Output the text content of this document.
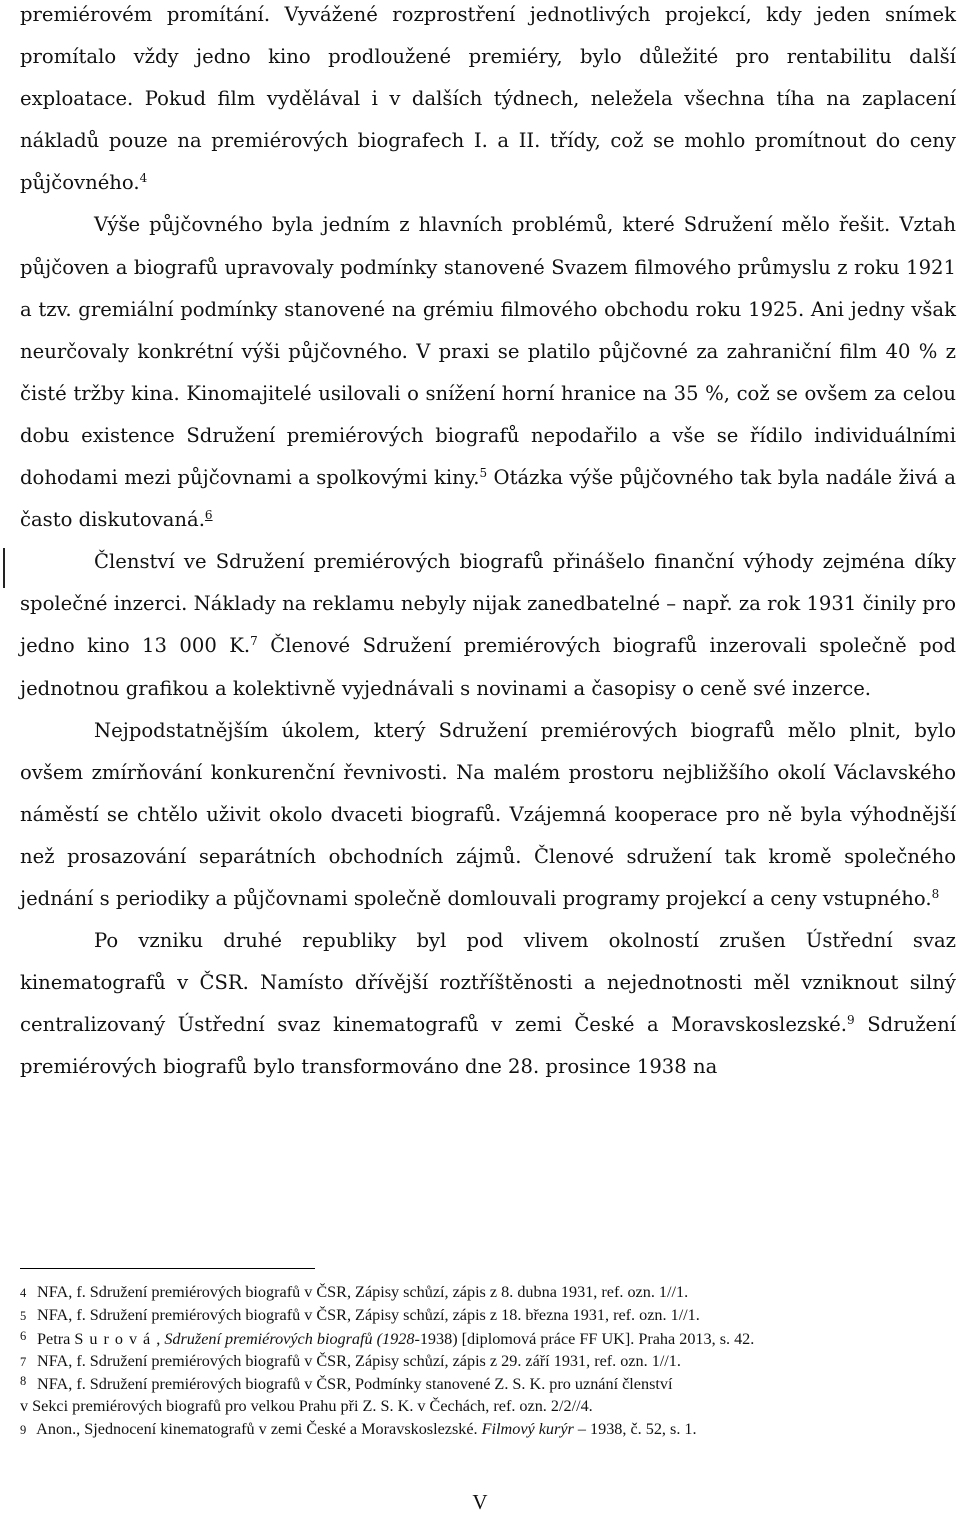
premiérovém promítání. Vyvážené rozprostření jednotlivých projekcí, kdy jeden snímek promítalo vždy jedno kino prodloužené premiéry, bylo důležité pro rentabilitu další exploatace. Pokud film vydělával i v dalších týdnech, neležela všechna tíha na zaplacení nákladů pouze na premiérových biografech I. a II. třídy, což se mohlo promítnout do ceny půjčovného.$^4$

Výše půjčovného byla jedním z hlavních problémů, které Sdružení mělo řešit. Vztah půjčoven a biografů upravovaly podmínky stanovené Svazem filmového průmyslu z roku 1921 a tzv. gremiální podmínky stanovené na grémiu filmového obchodu roku 1925. Ani jedny však neurčovaly konkrétní výši půjčovného. V praxi se platilo půjčovné za zahraniční film 40 % z čisté tržby kina. Kinomajitelé usilovali o snížení horní hranice na 35 %, což se ovšem za celou dobu existence Sdružení premiérových biografů nepodařilo a vše se řídilo individuálními dohodami mezi půjčovnami a spolkovými kiny.$^5$ Otázka výše půjčovného tak byla nadále živá a často diskutovaná.$^6$

Členství ve Sdružení premiérových biografů přinášelo finanční výhody zejména díky společné inzerci. Náklady na reklamu nebyly nijak zanedbatelné – např. za rok 1931 činily pro jedno kino 13 000 K.$^7$ Členové Sdružení premiérových biografů inzerovali společně pod jednotnou grafikou a kolektivně vyjednávali s novinami a časopisy o ceně své inzerce.

Nejpodstatnějším úkolem, který Sdružení premiérových biografů mělo plnit, bylo ovšem zmírňování konkurenční řevnivosti. Na malém prostoru nejbližšího okolí Václavského náměstí se chtělo uživit okolo dvaceti biografů. Vzájemná kooperace pro ně byla výhodnější než prosazování separátních obchodních zájmů. Členové sdružení tak kromě společného jednání s periodiky a půjčovnami společně domlouvali programy projekcí a ceny vstupného.$^8$

Po vzniku druhé republiky byl pod vlivem okolností zrušen Ústřední svaz kinematografů v ČSR. Namísto dřívější roztříštěnosti a nejednotnosti měl vzniknout silný centralizovaný Ústřední svaz kinematografů v zemi České a Moravskoslezské.$^9$ Sdružení premiérových biografů bylo transformováno dne 28. prosince 1938 na

4 NFA, f. Sdružení premiérových biografů v ČSR, Zápisy schůzí, zápis z 8. dubna 1931, ref. ozn. 1//1.
5 NFA, f. Sdružení premiérových biografů v ČSR, Zápisy schůzí, zápis z 18. března 1931, ref. ozn. 1//1.
6 Petra Surová, Sdružení premiérových biografů (1928-1938) [diplomová práce FF UK]. Praha 2013, s. 42.
7 NFA, f. Sdružení premiérových biografů v ČSR, Zápisy schůzí, zápis z 29. září 1931, ref. ozn. 1//1.
8 NFA, f. Sdružení premiérových biografů v ČSR, Podmínky stanovené Z. S. K. pro uznání členství
v Sekci premiérových biografů pro velkou Prahu při Z. S. K. v Čechách, ref. ozn. 2/2//4.
9 Anon., Sjednocení kinematografů v zemi České a Moravskoslezské. Filmový kurýr – 1938, č. 52, s. 1.
V
